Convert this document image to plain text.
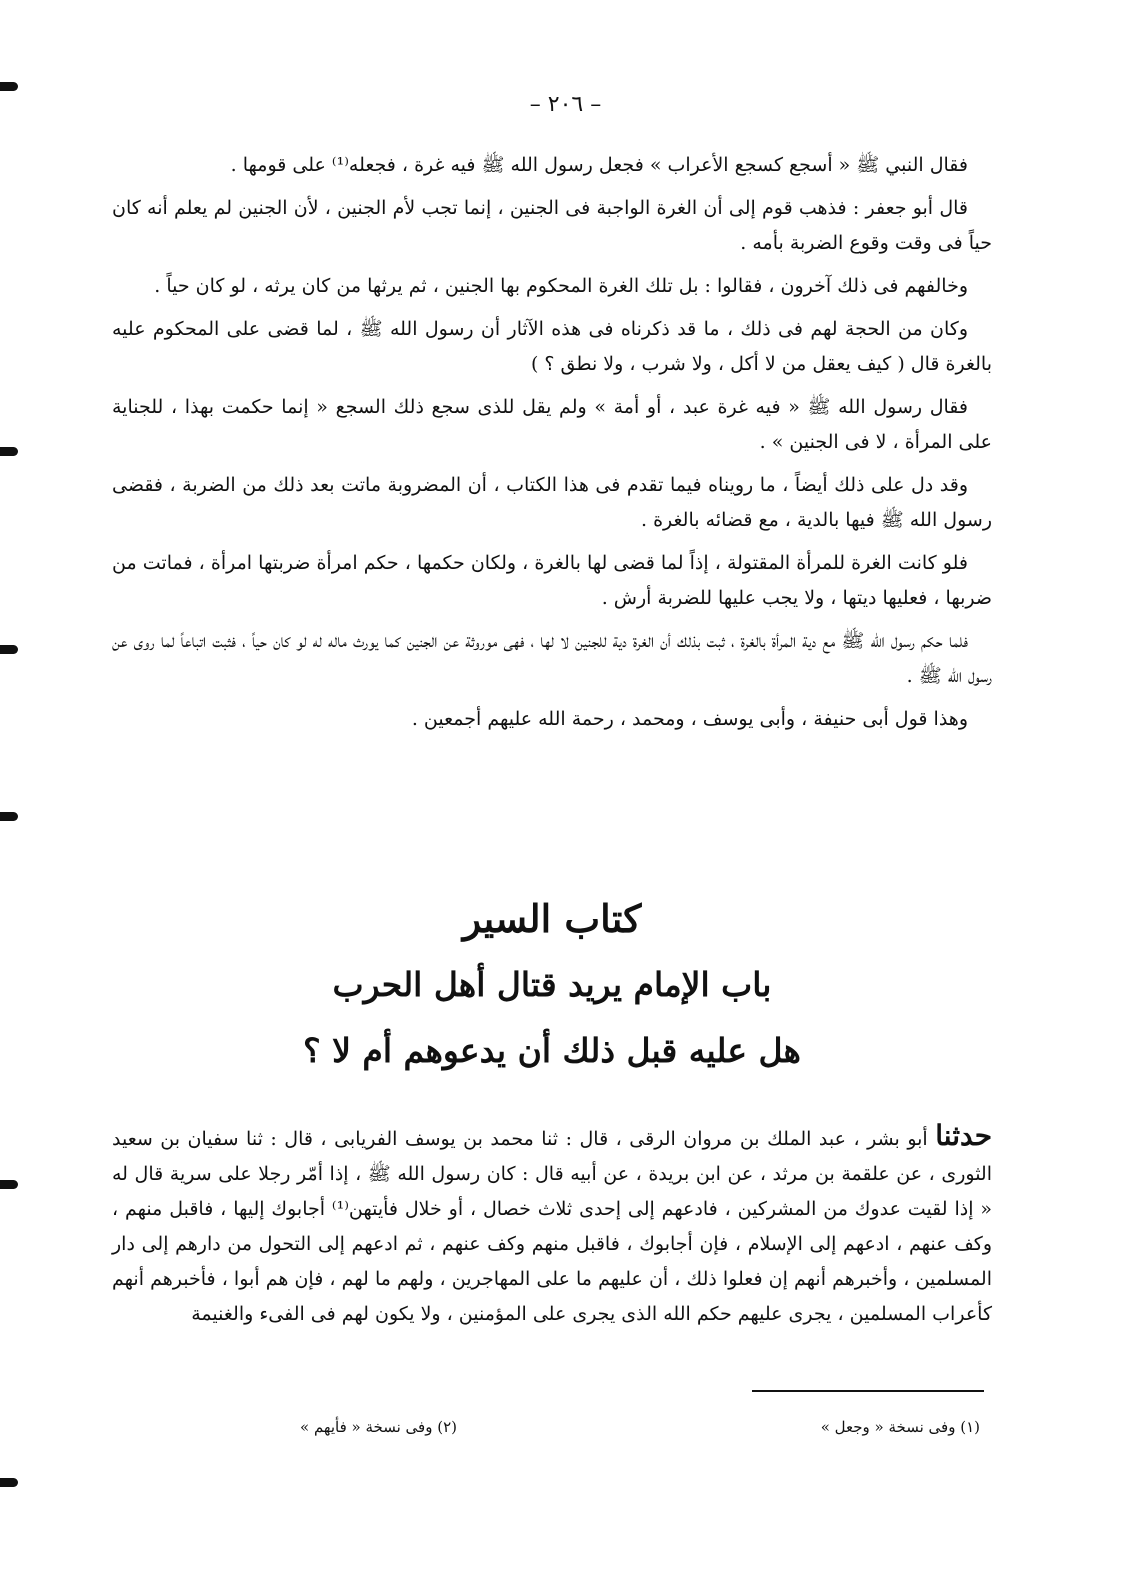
– ٢٠٦ –

فقال النبي ﷺ « أسجع كسجع الأعراب » فجعل رسول الله ﷺ فيه غرة ، فجعله⁽¹⁾ على قومها .

قال أبو جعفر : فذهب قوم إلى أن الغرة الواجبة فى الجنين ، إنما تجب لأم الجنين ، لأن الجنين لم يعلم أنه كان حياً فى وقت وقوع الضربة بأمه .

وخالفهم فى ذلك آخرون ، فقالوا : بل تلك الغرة المحكوم بها الجنين ، ثم يرثها من كان يرثه ، لو كان حياً .

وكان من الحجة لهم فى ذلك ، ما قد ذكرناه فى هذه الآثار أن رسول الله ﷺ ، لما قضى على المحكوم عليه بالغرة قال ( كيف يعقل من لا أكل ، ولا شرب ، ولا نطق ؟ )

فقال رسول الله ﷺ « فيه غرة عبد ، أو أمة » ولم يقل للذى سجع ذلك السجع « إنما حكمت بهذا ، للجناية على المرأة ، لا فى الجنين » .

وقد دل على ذلك أيضاً ، ما رويناه فيما تقدم فى هذا الكتاب ، أن المضروبة ماتت بعد ذلك من الضربة ، فقضى رسول الله ﷺ فيها بالدية ، مع قضائه بالغرة .

فلو كانت الغرة للمرأة المقتولة ، إذاً لما قضى لها بالغرة ، ولكان حكمها ، حكم امرأة ضربتها امرأة ، فماتت من ضربها ، فعليها ديتها ، ولا يجب عليها للضربة أرش .

فلما حكم رسول الله ﷺ مع دية المرأة بالغرة ، ثبت بذلك أن الغرة دية للجنين لا لها ، فهى موروثة عن الجنين كما يورث ماله له لو كان حياً ، فثبت اتباعاً لما روى عن رسول الله ﷺ .

وهذا قول أبى حنيفة ، وأبى يوسف ، ومحمد ، رحمة الله عليهم أجمعين .

كتاب السير
باب الإمام يريد قتال أهل الحرب
هل عليه قبل ذلك أن يدعوهم أم لا ؟

حدثنا أبو بشر ، عبد الملك بن مروان الرقى ، قال : ثنا محمد بن يوسف الفريابى ، قال : ثنا سفيان بن سعيد الثورى ، عن علقمة بن مرثد ، عن ابن بريدة ، عن أبيه قال : كان رسول الله ﷺ ، إذا أمّر رجلا على سرية قال له « إذا لقيت عدوك من المشركين ، فادعهم إلى إحدى ثلاث خصال ، أو خلال فأيتهن⁽¹⁾ أجابوك إليها ، فاقبل منهم ، وكف عنهم ، ادعهم إلى الإسلام ، فإن أجابوك ، فاقبل منهم وكف عنهم ، ثم ادعهم إلى التحول من دارهم إلى دار المسلمين ، وأخبرهم أنهم إن فعلوا ذلك ، أن عليهم ما على المهاجرين ، ولهم ما لهم ، فإن هم أبوا ، فأخبرهم أنهم كأعراب المسلمين ، يجرى عليهم حكم الله الذى يجرى على المؤمنين ، ولا يكون لهم فى الفىء والغنيمة

(١) وفى نسخة « وجعل »
(٢) وفى نسخة « فأيهم »
